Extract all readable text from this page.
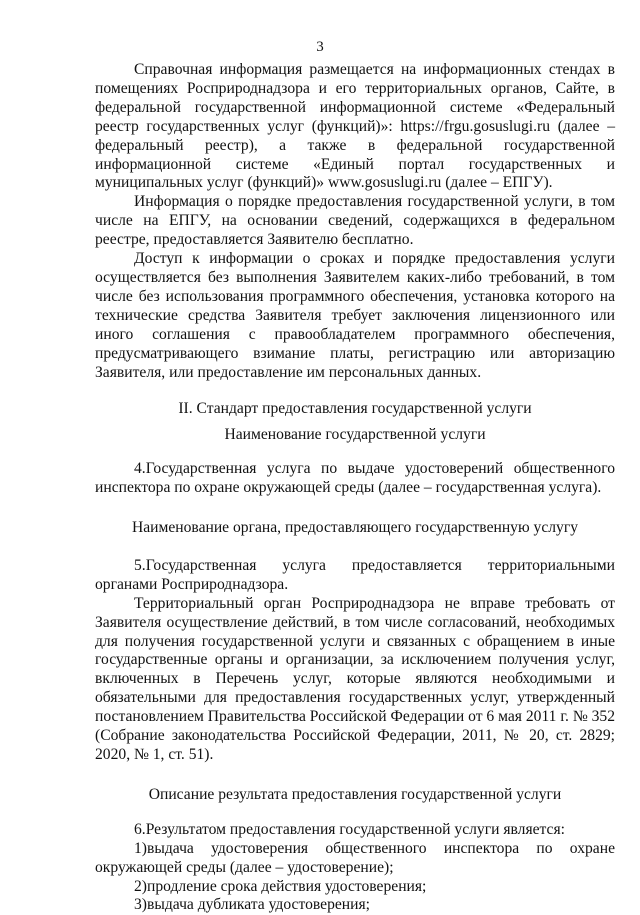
3

Справочная информация размещается на информационных стендах в помещениях Росприроднадзора и его территориальных органов, Сайте, в федеральной государственной информационной системе «Федеральный реестр государственных услуг (функций)»: https://frgu.gosuslugi.ru (далее – федеральный реестр), а также в федеральной государственной информационной системе «Единый портал государственных и муниципальных услуг (функций)» www.gosuslugi.ru (далее – ЕПГУ).

Информация о порядке предоставления государственной услуги, в том числе на ЕПГУ, на основании сведений, содержащихся в федеральном реестре, предоставляется Заявителю бесплатно.

Доступ к информации о сроках и порядке предоставления услуги осуществляется без выполнения Заявителем каких-либо требований, в том числе без использования программного обеспечения, установка которого на технические средства Заявителя требует заключения лицензионного или иного соглашения с правообладателем программного обеспечения, предусматривающего взимание платы, регистрацию или авторизацию Заявителя, или предоставление им персональных данных.

II. Стандарт предоставления государственной услуги

Наименование государственной услуги

4.Государственная услуга по выдаче удостоверений общественного инспектора по охране окружающей среды (далее – государственная услуга).

Наименование органа, предоставляющего государственную услугу

5.Государственная услуга предоставляется территориальными органами Росприроднадзора.

Территориальный орган Росприроднадзора не вправе требовать от Заявителя осуществление действий, в том числе согласований, необходимых для получения государственной услуги и связанных с обращением в иные государственные органы и организации, за исключением получения услуг, включенных в Перечень услуг, которые являются необходимыми и обязательными для предоставления государственных услуг, утвержденный постановлением Правительства Российской Федерации от 6 мая 2011 г. № 352 (Собрание законодательства Российской Федерации, 2011, № 20, ст. 2829; 2020, № 1, ст. 51).

Описание результата предоставления государственной услуги

6.Результатом предоставления государственной услуги является:

1)выдача удостоверения общественного инспектора по охране окружающей среды (далее – удостоверение);

2)продление срока действия удостоверения;

3)выдача дубликата удостоверения;
